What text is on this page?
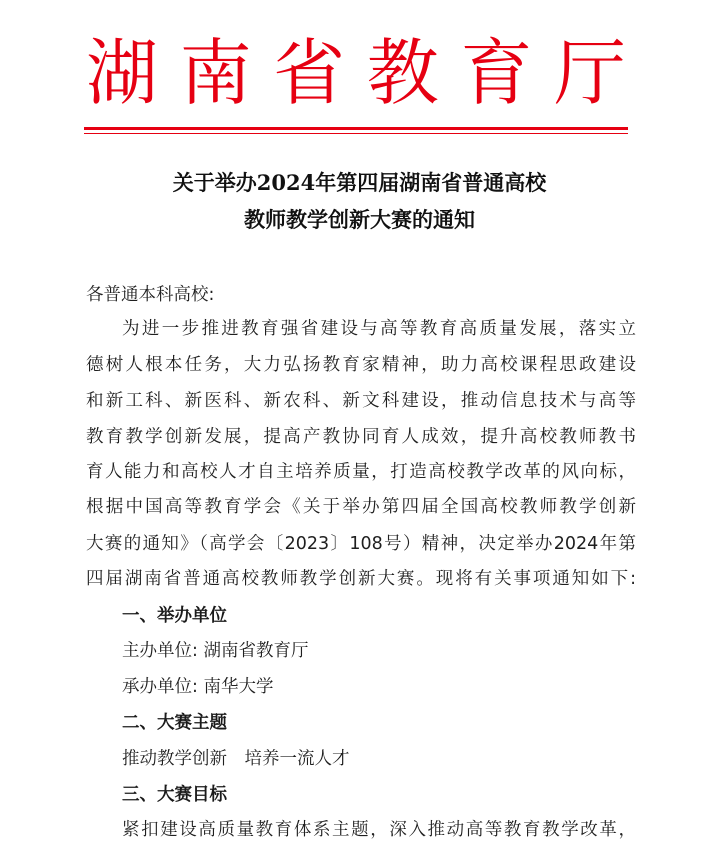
湖 南 省 教 育 厅
关于举办2024年第四届湖南省普通高校
教师教学创新大赛的通知
各普通本科高校:
为进一步推进教育强省建设与高等教育高质量发展，落实立
德树人根本任务，大力弘扬教育家精神，助力高校课程思政建设
和新工科、新医科、新农科、新文科建设，推动信息技术与高等
教育教学创新发展，提高产教协同育人成效，提升高校教师教书
育人能力和高校人才自主培养质量，打造高校教学改革的风向标，
根据中国高等教育学会《关于举办第四届全国高校教师教学创新
大赛的通知》（高学会〔2023〕108号）精神，决定举办2024年第
四届湖南省普通高校教师教学创新大赛。现将有关事项通知如下:
一、举办单位
主办单位: 湖南省教育厅
承办单位: 南华大学
二、大赛主题
推动教学创新　培养一流人才
三、大赛目标
紧扣建设高质量教育体系主题，深入推动高等教育教学改革，
